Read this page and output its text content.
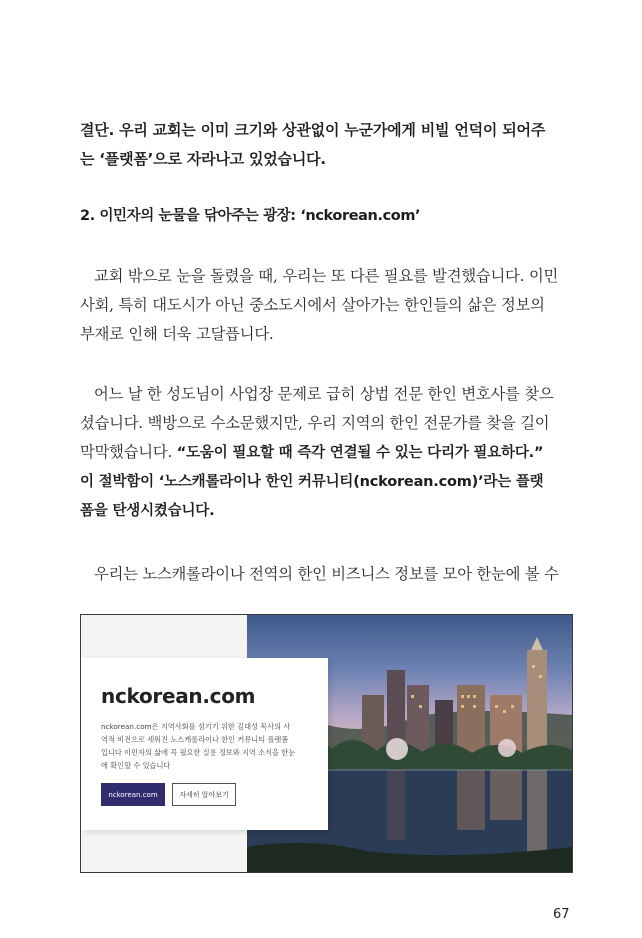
결단. 우리 교회는 이미 크기와 상관없이 누군가에게 비빌 언덕이 되어주
는 ‘플랫폼’으로 자라나고 있었습니다.
2. 이민자의 눈물을 닦아주는 광장: ‘nckorean.com’
교회 밖으로 눈을 돌렸을 때, 우리는 또 다른 필요를 발견했습니다. 이민
사회, 특히 대도시가 아닌 중소도시에서 살아가는 한인들의 삶은 정보의
부재로 인해 더욱 고달픕니다.
어느 날 한 성도님이 사업장 문제로 급히 상법 전문 한인 변호사를 찾으
셨습니다. 백방으로 수소문했지만, 우리 지역의 한인 전문가를 찾을 길이
막막했습니다. “도움이 필요할 때 즉각 연결될 수 있는 다리가 필요하다.”
이 절박함이 ‘노스캐롤라이나 한인 커뮤니티(nckorean.com)’라는 플랫
폼을 탄생시켰습니다.
우리는 노스캐롤라이나 전역의 한인 비즈니스 정보를 모아 한눈에 볼 수
nckorean.com
nckorean.com은 지역사회를 섬기기 위한 김대성 목사의 사
역적 비전으로 세워진 노스캐롤라이나 한인 커뮤니티 플랫폼
입니다 이민자의 삶에 꼭 필요한 실용 정보와 지역 소식을 한눈
에 확인할 수 있습니다
nckorean.com	자세히 알아보기
67
